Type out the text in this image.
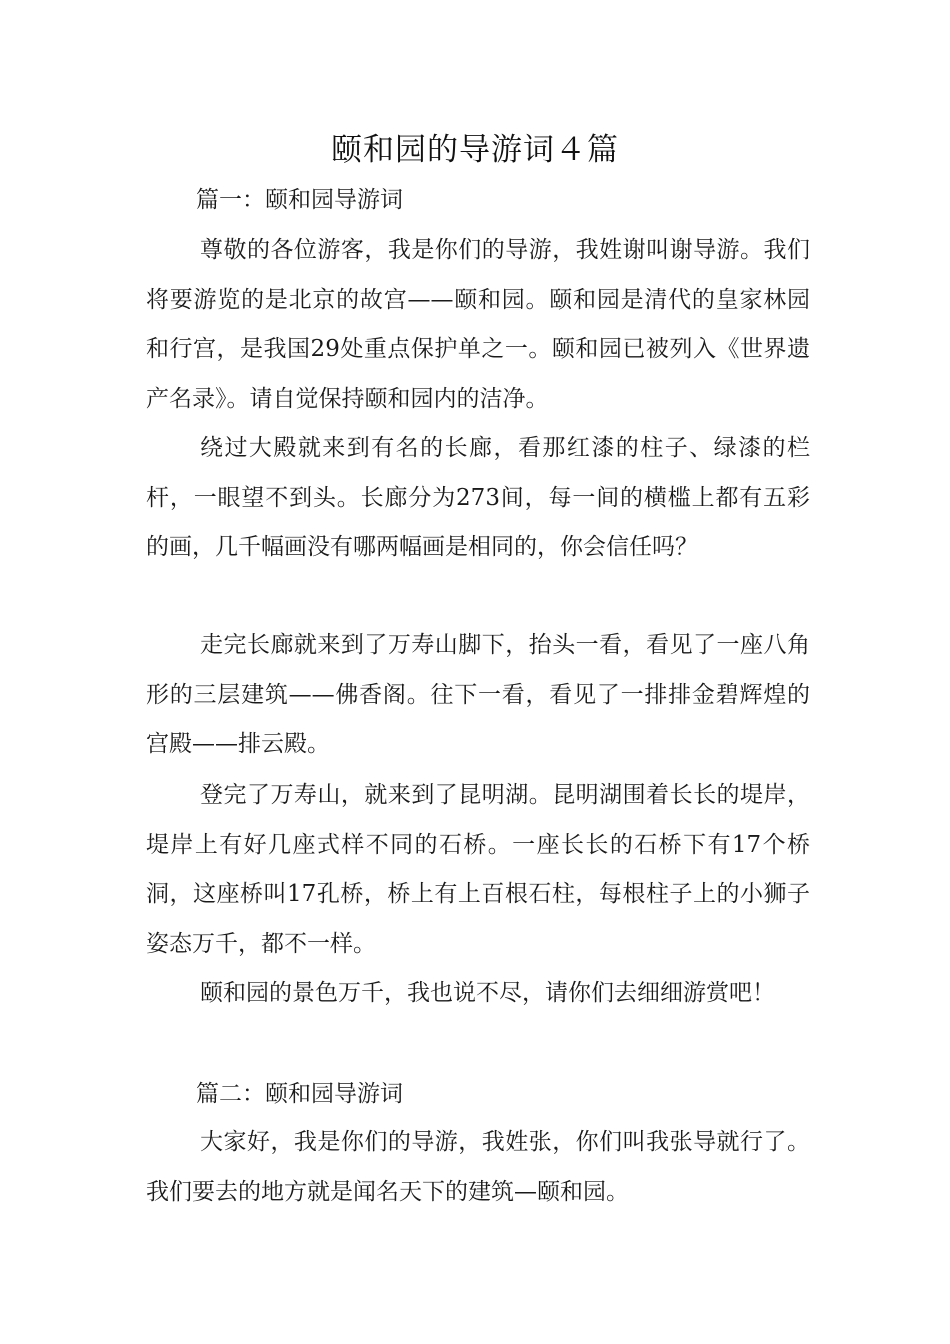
颐和园的导游词４篇
篇一：颐和园导游词

尊敬的各位游客，我是你们的导游，我姓谢叫谢导游。我们将要游览的是北京的故宫——颐和园。颐和园是清代的皇家林园和行宫，是我国29处重点保护单之一。颐和园已被列入《世界遗产名录》。请自觉保持颐和园内的洁净。

绕过大殿就来到有名的长廊，看那红漆的柱子、绿漆的栏杆，一眼望不到头。长廊分为273间，每一间的横槛上都有五彩的画，几千幅画没有哪两幅画是相同的，你会信任吗？

走完长廊就来到了万寿山脚下，抬头一看，看见了一座八角形的三层建筑——佛香阁。往下一看，看见了一排排金碧辉煌的宫殿——排云殿。

登完了万寿山，就来到了昆明湖。昆明湖围着长长的堤岸，堤岸上有好几座式样不同的石桥。一座长长的石桥下有17个桥洞，这座桥叫17孔桥，桥上有上百根石柱，每根柱子上的小狮子姿态万千，都不一样。

颐和园的景色万千，我也说不尽，请你们去细细游赏吧！

篇二：颐和园导游词

大家好，我是你们的导游，我姓张，你们叫我张导就行了。我们要去的地方就是闻名天下的建筑—颐和园。
